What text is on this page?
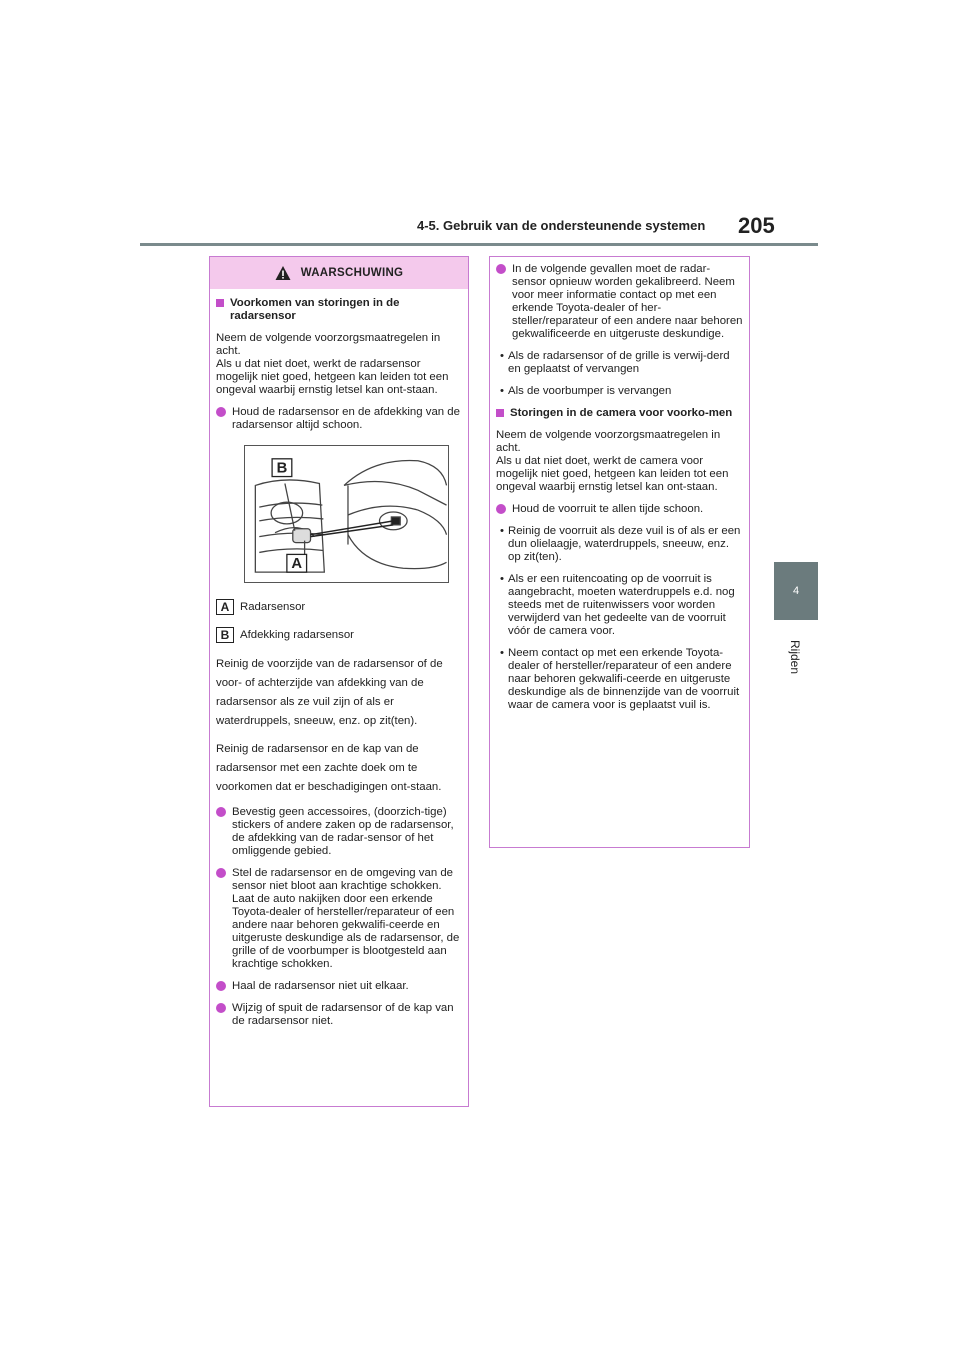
4-5. Gebruik van de ondersteunende systemen 205
4
Rijden
WAARSCHUWING
Voorkomen van storingen in de radarsensor
Neem de volgende voorzorgsmaatregelen in acht.
Als u dat niet doet, werkt de radarsensor mogelijk niet goed, hetgeen kan leiden tot een ongeval waarbij ernstig letsel kan ont-staan.
Houd de radarsensor en de afdekking van de radarsensor altijd schoon.
B
A
A Radarsensor
B Afdekking radarsensor
Reinig de voorzijde van de radarsensor of de voor- of achterzijde van afdekking van de radarsensor als ze vuil zijn of als er waterdruppels, sneeuw, enz. op zit(ten).
Reinig de radarsensor en de kap van de radarsensor met een zachte doek om te voorkomen dat er beschadigingen ont-staan.
Bevestig geen accessoires, (doorzich-tige) stickers of andere zaken op de radarsensor, de afdekking van de radar-sensor of het omliggende gebied.
Stel de radarsensor en de omgeving van de sensor niet bloot aan krachtige schokken.
Laat de auto nakijken door een erkende Toyota-dealer of hersteller/reparateur of een andere naar behoren gekwalifi-ceerde en uitgeruste deskundige als de radarsensor, de grille of de voorbumper is blootgesteld aan krachtige schokken.
Haal de radarsensor niet uit elkaar.
Wijzig of spuit de radarsensor of de kap van de radarsensor niet.
In de volgende gevallen moet de radar-sensor opnieuw worden gekalibreerd. Neem voor meer informatie contact op met een erkende Toyota-dealer of her-steller/reparateur of een andere naar behoren gekwalificeerde en uitgeruste deskundige.
• Als de radarsensor of de grille is verwij-derd en geplaatst of vervangen
• Als de voorbumper is vervangen
Storingen in de camera voor voorko-men
Neem de volgende voorzorgsmaatregelen in acht.
Als u dat niet doet, werkt de camera voor mogelijk niet goed, hetgeen kan leiden tot een ongeval waarbij ernstig letsel kan ont-staan.
Houd de voorruit te allen tijde schoon.
• Reinig de voorruit als deze vuil is of als er een dun olielaagje, waterdruppels, sneeuw, enz. op zit(ten).
• Als er een ruitencoating op de voorruit is aangebracht, moeten waterdruppels e.d. nog steeds met de ruitenwissers voor worden verwijderd van het gedeelte van de voorruit vóór de camera voor.
• Neem contact op met een erkende Toyota-dealer of hersteller/reparateur of een andere naar behoren gekwalifi-ceerde en uitgeruste deskundige als de binnenzijde van de voorruit waar de camera voor is geplaatst vuil is.
